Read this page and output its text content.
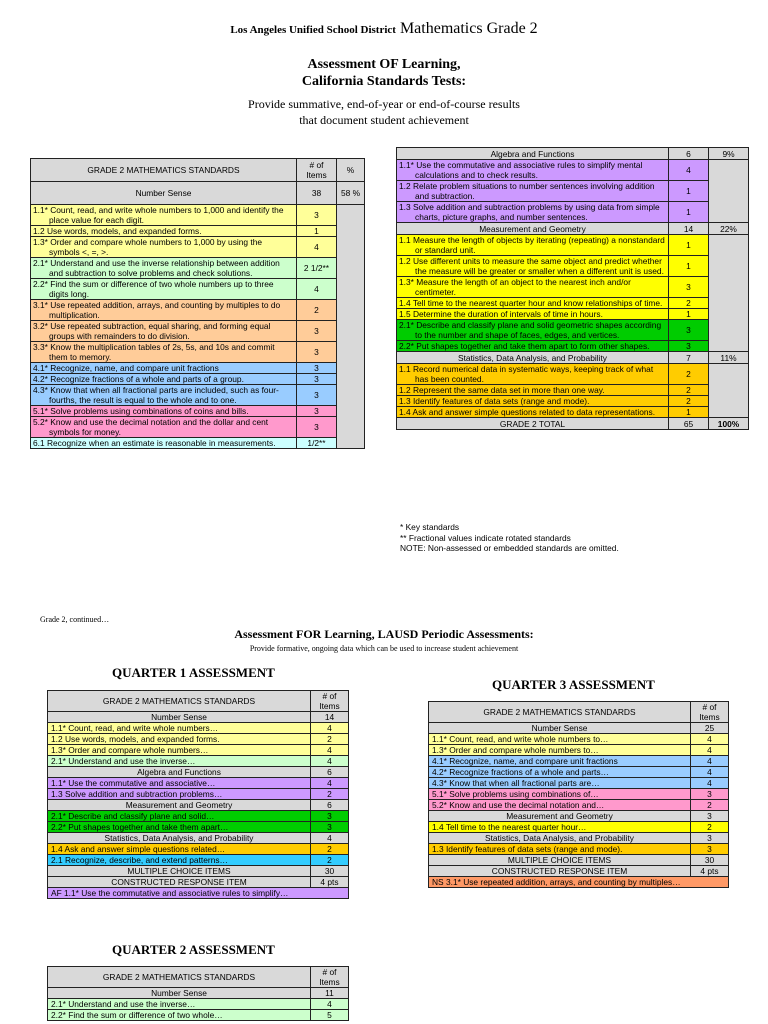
Los Angeles Unified School District Mathematics Grade 2
Assessment OF Learning,
California Standards Tests:
Provide summative, end-of-year or end-of-course results
that document student achievement
GRADE 2 MATHEMATICS STANDARDS	# of Items	%
Number Sense	38	58 %
1.1* Count, read, and write whole numbers to 1,000 and identify the place value for each digit.	3	
1.2 Use words, models, and expanded forms.	1	
1.3* Order and compare whole numbers to 1,000 by using the symbols <, =, >.	4	
2.1* Understand and use the inverse relationship between addition and subtraction to solve problems and check solutions.	2 1/2**	
2.2* Find the sum or difference of two whole numbers up to three digits long.	4	
3.1* Use repeated addition, arrays, and counting by multiples to do multiplication.	2	
3.2* Use repeated subtraction, equal sharing, and forming equal groups with remainders to do division.	3	
3.3* Know the multiplication tables of 2s, 5s, and 10s and commit them to memory.	3	
4.1* Recognize, name, and compare unit fractions	3	
4.2* Recognize fractions of a whole and parts of a group.	3	
4.3* Know that when all fractional parts are included, such as four-fourths, the result is equal to the whole and to one.	3	
5.1* Solve problems using combinations of coins and bills.	3	
5.2* Know and use the decimal notation and the dollar and cent symbols for money.	3	
6.1 Recognize when an estimate is reasonable in measurements.	1/2**	
Algebra and Functions	6	9%
1.1* Use the commutative and associative rules to simplify mental calculations and to check results.	4	
1.2 Relate problem situations to number sentences involving addition and subtraction.	1	
1.3 Solve addition and subtraction problems by using data from simple charts, picture graphs, and number sentences.	1	
Measurement and Geometry	14	22%
1.1 Measure the length of objects by iterating (repeating) a nonstandard or standard unit.	1	
1.2 Use different units to measure the same object and predict whether the measure will be greater or smaller when a different unit is used.	1	
1.3* Measure the length of an object to the nearest inch and/or centimeter.	3	
1.4 Tell time to the nearest quarter hour and know relationships of time.	2	
1.5 Determine the duration of intervals of time in hours.	1	
2.1* Describe and classify plane and solid geometric shapes according to the number and shape of faces, edges, and vertices.	3	
2.2* Put shapes together and take them apart to form other shapes.	3	
Statistics, Data Analysis, and Probability	7	11%
1.1 Record numerical data in systematic ways, keeping track of what has been counted.	2	
1.2 Represent the same data set in more than one way.	2	
1.3 Identify features of data sets (range and mode).	2	
1.4 Ask and answer simple questions related to data representations.	1	
GRADE 2 TOTAL	65	100%
* Key standards
** Fractional values indicate rotated standards
NOTE: Non-assessed or embedded standards are omitted.
Grade 2, continued…
Assessment FOR Learning, LAUSD Periodic Assessments:
Provide formative, ongoing data which can be used to increase student achievement
QUARTER 1 ASSESSMENT
GRADE 2 MATHEMATICS STANDARDS	# of Items
Number Sense	14
1.1* Count, read, and write whole numbers…	4
1.2 Use words, models, and expanded forms.	2
1.3* Order and compare whole numbers…	4
2.1* Understand and use the inverse…	4
Algebra and Functions	6
1.1* Use the commutative and associative…	4
1.3 Solve addition and subtraction problems…	2
Measurement and Geometry	6
2.1* Describe and classify plane and solid…	3
2.2* Put shapes together and take them apart…	3
Statistics, Data Analysis, and Probability	4
1.4 Ask and answer simple questions related…	2
2.1 Recognize, describe, and extend patterns…	2
MULTIPLE CHOICE ITEMS	30
CONSTRUCTED RESPONSE ITEM	4 pts
AF 1.1* Use the commutative and associative rules to simplify…	
QUARTER 3 ASSESSMENT
GRADE 2 MATHEMATICS STANDARDS	# of Items
Number Sense	25
1.1* Count, read, and write whole numbers to…	4
1.3* Order and compare whole numbers to…	4
4.1* Recognize, name, and compare unit fractions	4
4.2* Recognize fractions of a whole and parts…	4
4.3* Know that when all fractional parts are…	4
5.1* Solve problems using combinations of…	3
5.2* Know and use the decimal notation and…	2
Measurement and Geometry	3
1.4 Tell time to the nearest quarter hour…	2
Statistics, Data Analysis, and Probability	3
1.3 Identify features of data sets (range and mode).	3
MULTIPLE CHOICE ITEMS	30
CONSTRUCTED RESPONSE ITEM	4 pts
NS 3.1* Use repeated addition, arrays, and counting by multiples…	
QUARTER 2 ASSESSMENT
GRADE 2 MATHEMATICS STANDARDS	# of Items
Number Sense	11
2.1* Understand and use the inverse…	4
2.2* Find the sum or difference of two whole…	5
